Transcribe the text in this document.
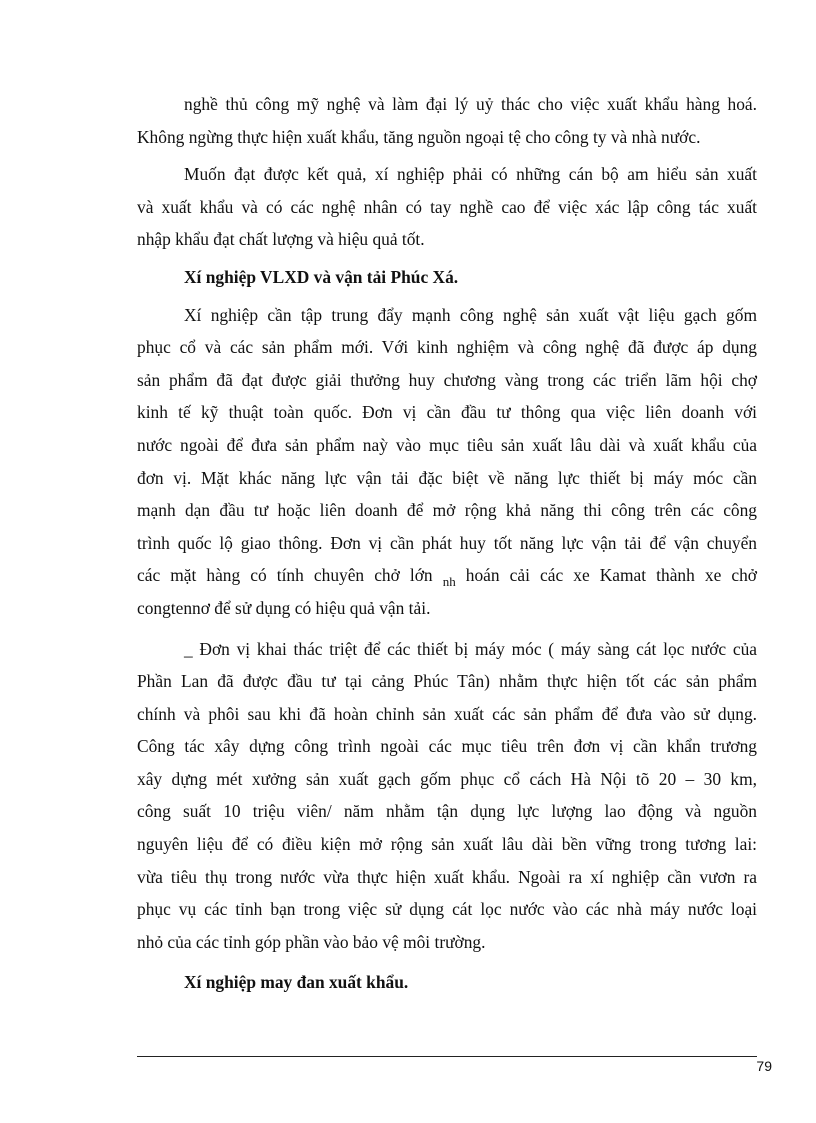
nghề thủ công mỹ nghệ và làm đại lý uỷ thác cho việc xuất khẩu hàng hoá.
Không ngừng thực hiện xuất khẩu, tăng nguồn ngoại tệ cho công ty và nhà nước.
Muốn đạt được kết quả, xí nghiệp phải có những cán bộ am hiểu sản xuất
và xuất khẩu và có các nghệ nhân có tay nghề cao để việc xác lập công tác xuất
nhập khẩu đạt chất lượng và hiệu quả tốt.
Xí nghiệp VLXD và vận tải Phúc Xá.
Xí nghiệp cần tập trung đẩy mạnh công nghệ sản xuất vật liệu gạch gốm
phục cổ và các sản phẩm mới. Với kinh nghiệm và công nghệ đã được áp dụng
sản phẩm đã đạt được giải thưởng huy chương vàng trong các triển lãm hội chợ
kinh tế kỹ thuật toàn quốc. Đơn vị cần đầu tư thông qua việc liên doanh với
nước ngoài để đưa sản phẩm naỳ vào mục tiêu sản xuất lâu dài và xuất khẩu của
đơn vị. Mặt khác năng lực vận tải đặc biệt về năng lực thiết bị máy móc cần
mạnh dạn đầu tư hoặc liên doanh để mở rộng khả năng thi công trên các công
trình quốc lộ giao thông. Đơn vị cần phát huy tốt năng lực vận tải để vận chuyển
các mặt hàng có tính chuyên chở lớn $_{nh}$ hoán cải các xe Kamat thành xe chở
congtennơ để sử dụng có hiệu quả vận tải.
_ Đơn vị khai thác triệt để các thiết bị máy móc ( máy sàng cát lọc nước của
Phần Lan đã được đầu tư tại cảng Phúc Tân) nhằm thực hiện tốt các sản phẩm
chính và phôi sau khi đã hoàn chỉnh sản xuất các sản phẩm để đưa vào sử dụng.
Công tác xây dựng công trình ngoài các mục tiêu trên đơn vị cần khẩn trương
xây dựng mét xưởng sản xuất gạch gốm phục cổ cách Hà Nội tõ 20 – 30 km,
công suất 10 triệu viên/ năm nhằm tận dụng lực lượng lao động và nguồn
nguyên liệu để có điều kiện mở rộng sản xuất lâu dài bền vững trong tương lai:
vừa tiêu thụ trong nước vừa thực hiện xuất khẩu. Ngoài ra xí nghiệp cần vươn ra
phục vụ các tỉnh bạn trong việc sử dụng cát lọc nước vào các nhà máy nước loại
nhỏ của các tỉnh góp phần vào bảo vệ môi trường.
Xí nghiệp may đan xuất khẩu.
79
